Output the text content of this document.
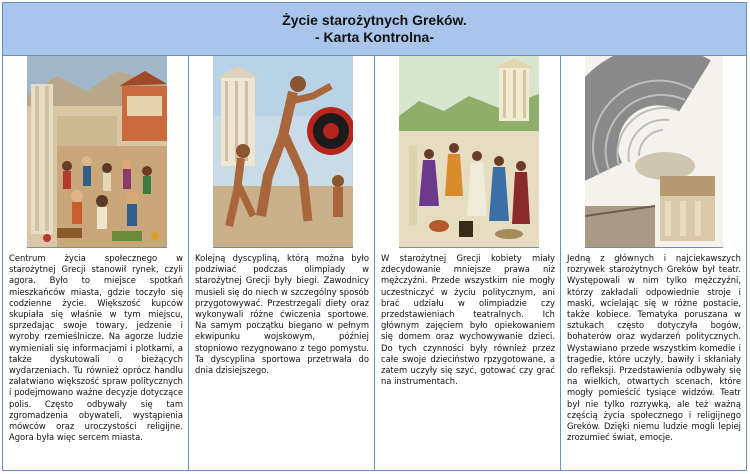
Życie starożytnych Greków.
- Karta Kontrolna-
Centrum życia społecznego w starożytnej Grecji stanowił rynek, czyli agora. Było to miejsce spotkań mieszkańców miasta, gdzie toczyło się codzienne życie. Większość kupców skupiała się właśnie w tym miejscu, sprzedając swoje towary, jedzenie i wyroby rzemieślnicze. Na agorze ludzie wymieniali się informacjami i plotkami, a także dyskutowali o bieżących wydarzeniach. Tu również oprócz handlu załatwiano większość spraw politycznych i podejmowano ważne decyzje dotyczące polis. Często odbywały się tam zgromadzenia obywateli, wystąpienia mówców oraz uroczystości religijne. Agora była więc sercem miasta.
Kolejną dyscypliną, którą można było podziwiać podczas olimpiady w starożytnej Grecji były biegi. Zawodnicy musieli się do niech w szczególny sposób przygotowywać. Przestrzegali diety oraz wykonywali różne ćwiczenia sportowe. Na samym początku biegano w pełnym ekwipunku wojskowym, później stopniowo rezygnowano z tego pomystu. Ta dyscyplina sportowa przetrwała do dnia dzisiejszego.
W starożytnej Grecji kobiety miały zdecydowanie mniejsze prawa niż mężczyźni. Przede wszystkim nie mogły uczestniczyć w życiu politycznym, ani brać udziału w olimpiadzie czy przedstawieniach teatralnych. Ich głównym zajęciem było opiekowaniem się domem oraz wychowywanie dzieci. Do tych czynności były również przez całe swoje dzieciństwo rpzygotowane, a zatem uczyły się szyć, gotować czy grać na instrumentach.
Jedną z głównych i najciekawszych rozrywek starożytnych Greków był teatr. Występowali w nim tylko mężczyźni, którzy zakładali odpowiednie stroje i maski, wcielając się w różne postacie, także kobiece. Tematyka poruszana w sztukach często dotyczyła bogów, bohaterów oraz wydarzeń politycznych. Wystawiano przede wszystkim komedie i tragedie, które uczyły, bawiły i skłaniały do refleksji. Przedstawienia odbywały się na wielkich, otwartych scenach, które mogły pomieścić tysiące widzów. Teatr był nie tylko rozrywką, ale też ważną częścią życia społecznego i religijnego Greków. Dzięki niemu ludzie mogli lepiej zrozumieć świat, emocje.
